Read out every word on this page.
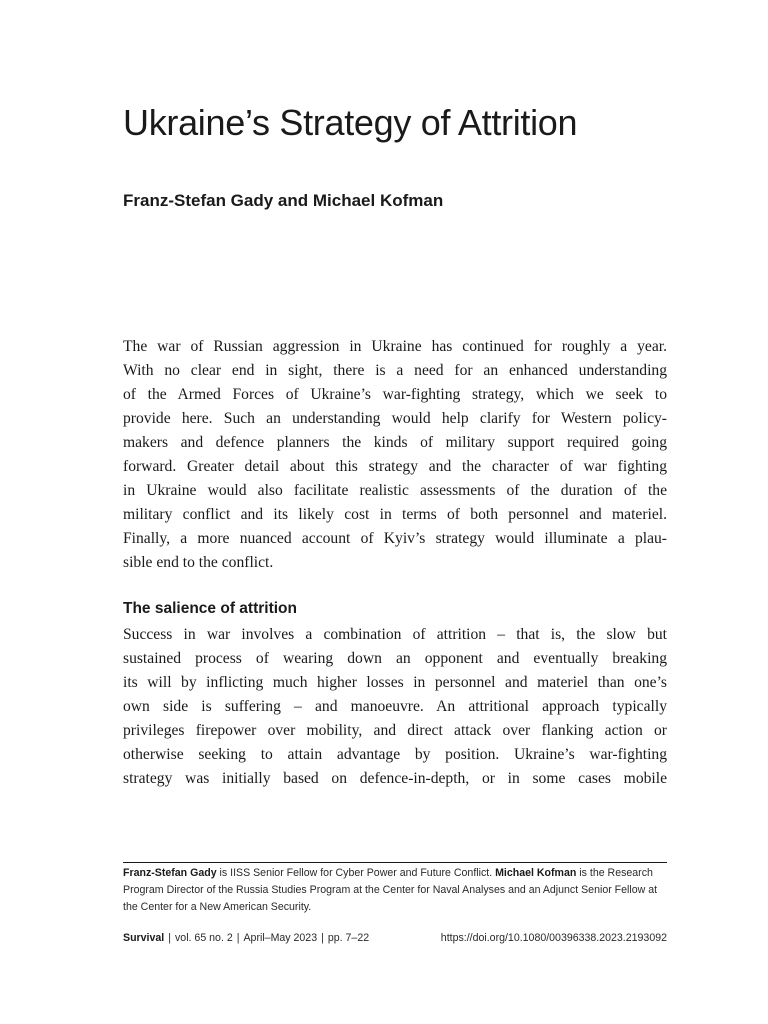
Ukraine’s Strategy of Attrition

Franz-Stefan Gady and Michael Kofman

The war of Russian aggression in Ukraine has continued for roughly a year.
With no clear end in sight, there is a need for an enhanced understanding
of the Armed Forces of Ukraine’s war-fighting strategy, which we seek to
provide here. Such an understanding would help clarify for Western policy-
makers and defence planners the kinds of military support required going
forward. Greater detail about this strategy and the character of war fighting
in Ukraine would also facilitate realistic assessments of the duration of the
military conflict and its likely cost in terms of both personnel and materiel.
Finally, a more nuanced account of Kyiv’s strategy would illuminate a plau-
sible end to the conflict.
The salience of attrition
Success in war involves a combination of attrition – that is, the slow but
sustained process of wearing down an opponent and eventually breaking
its will by inflicting much higher losses in personnel and materiel than one’s
own side is suffering – and manoeuvre. An attritional approach typically
privileges firepower over mobility, and direct attack over flanking action or
otherwise seeking to attain advantage by position. Ukraine’s war-fighting
strategy was initially based on defence-in-depth, or in some cases mobile

Franz-Stefan Gady is IISS Senior Fellow for Cyber Power and Future Conflict. Michael Kofman is the Research Program Director of the Russia Studies Program at the Center for Naval Analyses and an Adjunct Senior Fellow at the Center for a New American Security.

Survival | vol. 65 no. 2 | April–May 2023 | pp. 7–22	https://doi.org/10.1080/00396338.2023.2193092
